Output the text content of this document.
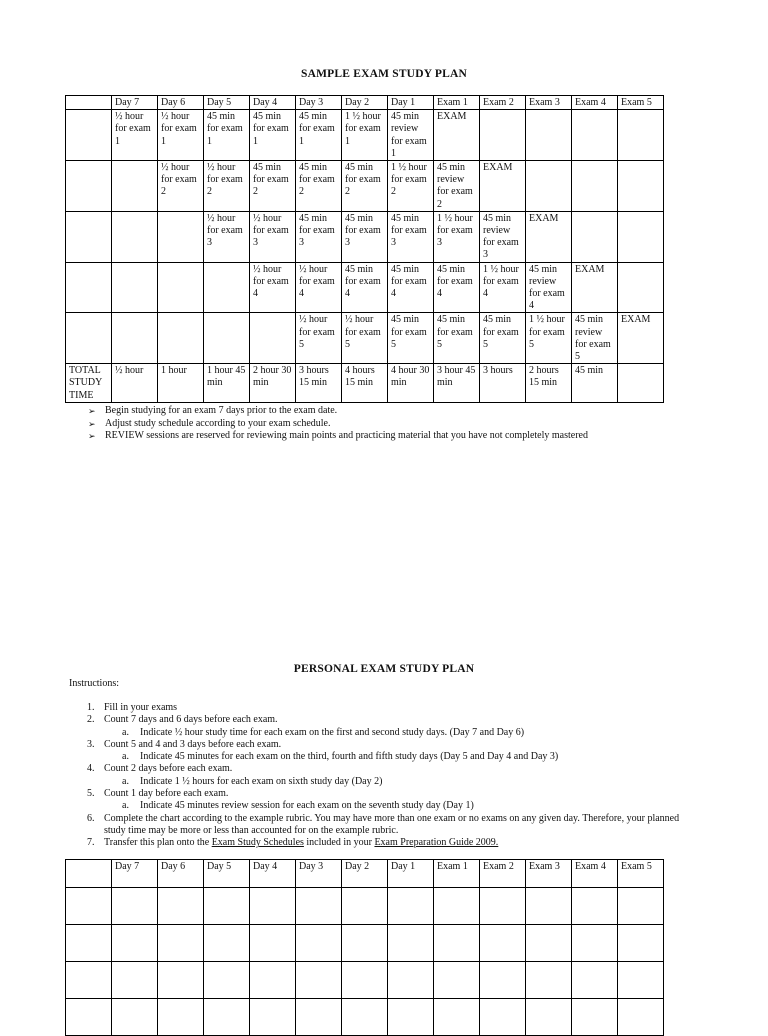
SAMPLE EXAM STUDY PLAN
	Day 7	Day 6	Day 5	Day 4	Day 3	Day 2	Day 1	Exam 1	Exam 2	Exam 3	Exam 4	Exam 5
	½ hour for exam 1	½ hour for exam 1	45 min for exam 1	45 min for exam 1	45 min for exam 1	1 ½ hour for exam 1	45 min review for exam 1	EXAM				
		½ hour for exam 2	½ hour for exam 2	45 min for exam 2	45 min for exam 2	45 min for exam 2	1 ½ hour for exam 2	45 min review for exam 2	EXAM			
			½ hour for exam 3	½ hour for exam 3	45 min for exam 3	45 min for exam 3	45 min for exam 3	1 ½ hour for exam 3	45 min review for exam 3	EXAM		
				½ hour for exam 4	½ hour for exam 4	45 min for exam 4	45 min for exam 4	45 min for exam 4	1 ½ hour for exam 4	45 min review for exam 4	EXAM	
					½ hour for exam 5	½ hour for exam 5	45 min for exam 5	45 min for exam 5	45 min for exam 5	1 ½ hour for exam 5	45 min review for exam 5	EXAM
TOTAL STUDY TIME	½ hour	1 hour	1 hour 45 min	2 hour 30 min	3 hours 15 min	4 hours 15 min	4 hour 30 min	3 hour 45 min	3 hours	2 hours 15 min	45 min	
➢ Begin studying for an exam 7 days prior to the exam date.
➢ Adjust study schedule according to your exam schedule.
➢ REVIEW sessions are reserved for reviewing main points and practicing material that you have not completely mastered
PERSONAL EXAM STUDY PLAN
Instructions:
1. Fill in your exams
2. Count 7 days and 6 days before each exam.
a. Indicate ½ hour study time for each exam on the first and second study days. (Day 7 and Day 6)
3. Count 5 and 4 and 3 days before each exam.
a. Indicate 45 minutes for each exam on the third, fourth and fifth study days (Day 5 and Day 4 and Day 3)
4. Count 2 days before each exam.
a. Indicate 1 ½ hours for each exam on sixth study day (Day 2)
5. Count 1 day before each exam.
a. Indicate 45 minutes review session for each exam on the seventh study day (Day 1)
6. Complete the chart according to the example rubric. You may have more than one exam or no exams on any given day. Therefore, your planned study time may be more or less than accounted for on the example rubric.
7. Transfer this plan onto the Exam Study Schedules included in your Exam Preparation Guide 2009.
	Day 7	Day 6	Day 5	Day 4	Day 3	Day 2	Day 1	Exam 1	Exam 2	Exam 3	Exam 4	Exam 5
